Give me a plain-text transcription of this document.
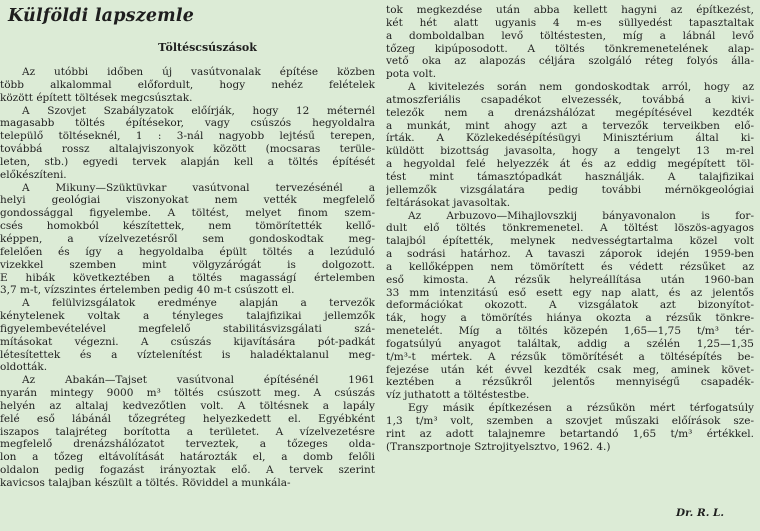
Külföldi lapszemle
Töltéscsúszások
Az utóbbi időben új vasútvonalak építése közben
több alkalommal előfordult, hogy nehéz felételek
között épített töltések megcsúsztak.
A Szovjet Szabályzatok előírják, hogy 12 méternél
magasabb töltés építésekor, vagy csúszós hegyoldalra
települő töltéseknél, 1 : 3-nál nagyobb lejtésű terepen,
továbbá rossz altalajviszonyok között (mocsaras terüle-
leten, stb.) egyedi tervek alapján kell a töltés építését
előkészíteni.
A Mikuny—Szüktüvkar vasútvonal tervezésénél a
helyi geológiai viszonyokat nem vették megfelelő
gondossággal figyelembe. A töltést, melyet finom szem-
csés homokból készítettek, nem tömörítették kellő-
képpen, a vízelvezetésről sem gondoskodtak meg-
felelően és így a hegyoldalba épült töltés a lezúduló
vizekkel szemben mint völgyzárógát is dolgozott.
E hibák következtében a töltés magasságí értelemben
3,7 m-t, vízszintes értelemben pedig 40 m-t csúszott el.
A felülvizsgálatok eredménye alapján a tervezők
kénytelenek voltak a tényleges talajfizikai jellemzők
figyelembevételével megfelelő stabilitásvizsgálati szá-
mításokat végezni. A csúszás kijavítására pót-padkát
létesítettek és a víztelenítést is haladéktalanul meg-
oldották.
Az Abakán—Tajset vasútvonal építésénél 1961
nyarán mintegy 9000 m³ töltés csúszott meg. A csúszás
helyén az altalaj kedvezőtlen volt. A töltésnek a lapály
felé eső lábánál tőzegréteg helyezkedett el. Egyébként
iszapos talajréteg borította a területet. A vízelvezetésre
megfelelő drenázshálózatot terveztek, a tőzeges olda-
lon a tőzeg eltávolítását határozták el, a domb felőli
oldalon pedig fogazást irányoztak elő. A tervek szerint
kavicsos talajban készült a töltés. Röviddel a munkála-
tok megkezdése után abba kellett hagyni az építkezést,
két hét alatt ugyanis 4 m-es süllyedést tapasztaltak
a domboldalban levő töltéstesten, míg a lábnál levő
tőzeg kipúposodott. A töltés tönkremenetelének alap-
vető oka az alapozás céljára szolgáló réteg folyós álla-
pota volt.
A kivitelezés során nem gondoskodtak arról, hogy az
atmoszferiális csapadékot elvezessék, továbbá a kivi-
telezők nem a drenázshálózat megépítésével kezdték
a munkát, mint ahogy azt a tervezők terveikben elő-
írták. A Közlekedésépítésügyi Minisztérium által ki-
küldött bizottság javasolta, hogy a tengelyt 13 m-rel
a hegyoldal felé helyezzék át és az eddig megépített töl-
tést mint támasztópadkát használják. A talajfizikai
jellemzők vizsgálatára pedig további mérnökgeológiai
feltárásokat javasoltak.
Az Arbuzovo—Mihajlovszkij bányavonalon is for-
dult elő töltés tönkremenetel. A töltést löszös-agyagos
talajból építették, melynek nedvességtartalma közel volt
a sodrási határhoz. A tavaszi záporok idején 1959-ben
a kellőképpen nem tömörített és védett rézsűket az
eső kimosta. A rézsűk helyreállítása után 1960-ban
33 mm intenzitású eső esett egy nap alatt, és az jelentős
deformációkat okozott. A vizsgálatok azt bizonyítot-
ták, hogy a tömörítés hiánya okozta a rézsűk tönkre-
menetelét. Míg a töltés közepén 1,65—1,75 t/m³ tér-
fogatsúlyú anyagot találtak, addig a szélén 1,25—1,35
t/m³-t mértek. A rézsűk tömörítését a töltésépítés be-
fejezése után két évvel kezdték csak meg, aminek követ-
keztében a rézsűkről jelentős mennyiségű csapadék-
víz juthatott a töltéstestbe.
Egy másik építkezésen a rézsűkön mért térfogatsúly
1,3 t/m³ volt, szemben a szovjet műszaki előírások sze-
rint az adott talajnemre betartandó 1,65 t/m³ értékkel.
(Transzportnoje Sztrojityelsztvo, 1962. 4.)
Dr. R. L.
